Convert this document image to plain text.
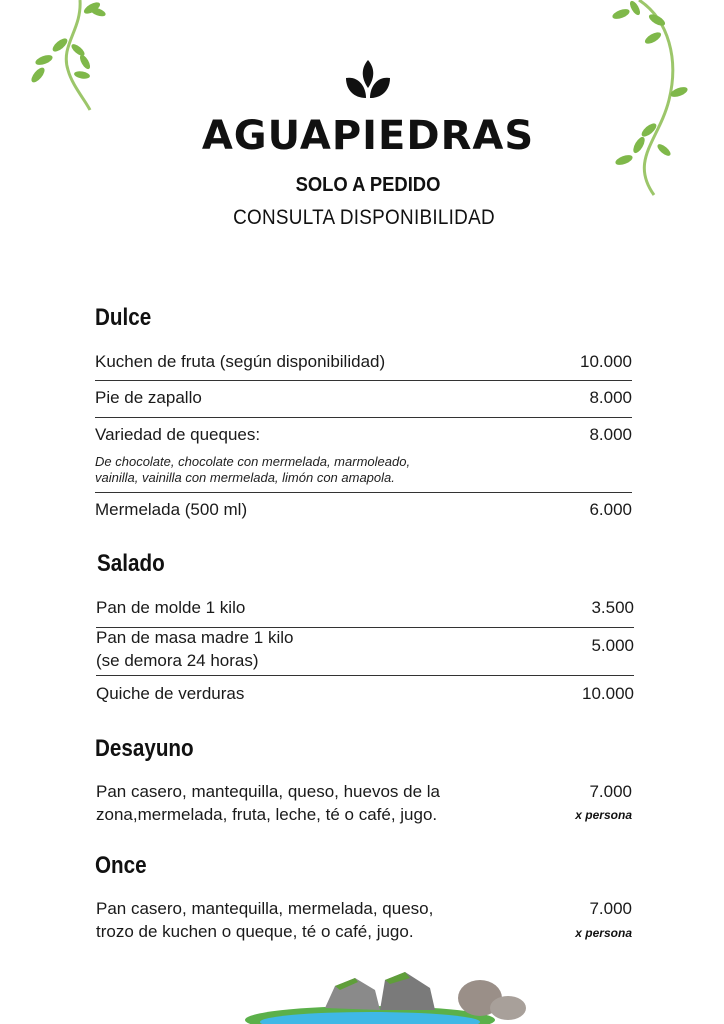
AGUAPIEDRAS
SOLO A PEDIDO
CONSULTA DISPONIBILIDAD
Dulce
Kuchen de fruta (según disponibilidad)	10.000
Pie de zapallo	8.000
Variedad de queques:	8.000
De chocolate, chocolate con mermelada, marmoleado,
vainilla, vainilla con mermelada, limón con amapola.
Mermelada (500 ml)	6.000
Salado
Pan de molde 1 kilo	3.500
Pan de masa madre 1 kilo	5.000
(se demora 24 horas)
Quiche de verduras	10.000
Desayuno
Pan casero, mantequilla, queso, huevos de la	7.000
zona,mermelada, fruta, leche, té o café, jugo.	x persona
Once
Pan casero, mantequilla, mermelada, queso,	7.000
trozo de kuchen o queque, té o café, jugo.	x persona
